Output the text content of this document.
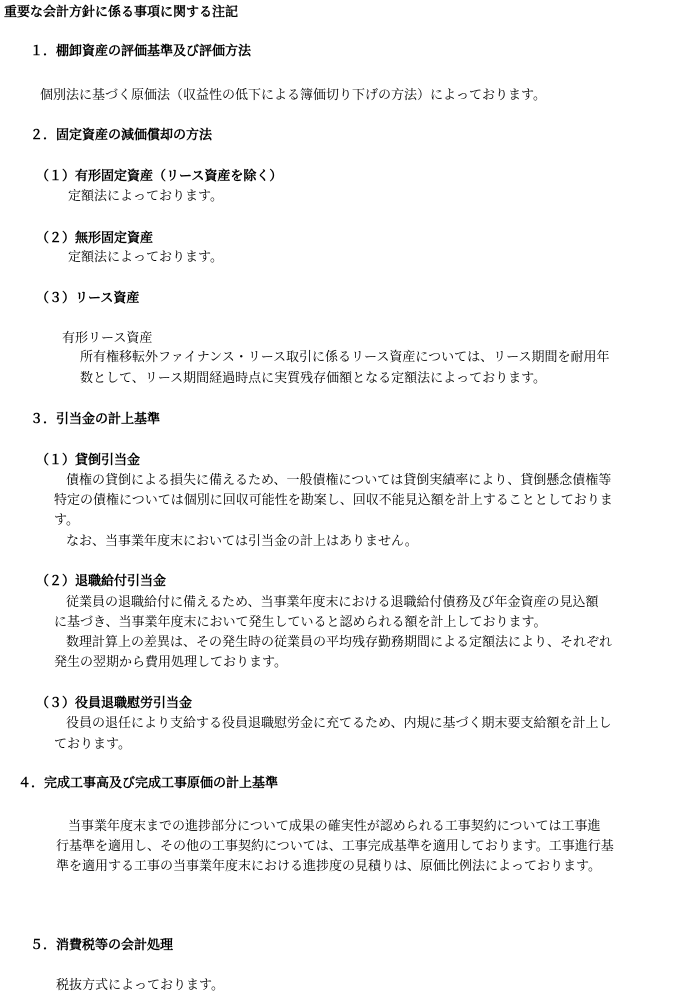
重要な会計方針に係る事項に関する注記
１．棚卸資産の評価基準及び評価方法
個別法に基づく原価法（収益性の低下による簿価切り下げの方法）によっております。
２．固定資産の減価償却の方法
（１）有形固定資産（リース資産を除く）
定額法によっております。
（２）無形固定資産
定額法によっております。
（３）リース資産
有形リース資産
所有権移転外ファイナンス・リース取引に係るリース資産については、リース期間を耐用年
数として、リース期間経過時点に実質残存価額となる定額法によっております。
３．引当金の計上基準
（１）貸倒引当金
債権の貸倒による損失に備えるため、一般債権については貸倒実績率により、貸倒懸念債権等
特定の債権については個別に回収可能性を勘案し、回収不能見込額を計上することとしておりま
す。
なお、当事業年度末においては引当金の計上はありません。
（２）退職給付引当金
従業員の退職給付に備えるため、当事業年度末における退職給付債務及び年金資産の見込額
に基づき、当事業年度末において発生していると認められる額を計上しております。
数理計算上の差異は、その発生時の従業員の平均残存勤務期間による定額法により、それぞれ
発生の翌期から費用処理しております。
（３）役員退職慰労引当金
役員の退任により支給する役員退職慰労金に充てるため、内規に基づく期末要支給額を計上し
ております。
４．完成工事高及び完成工事原価の計上基準
当事業年度末までの進捗部分について成果の確実性が認められる工事契約については工事進
行基準を適用し、その他の工事契約については、工事完成基準を適用しております。工事進行基
準を適用する工事の当事業年度末における進捗度の見積りは、原価比例法によっております。
５．消費税等の会計処理
税抜方式によっております。
